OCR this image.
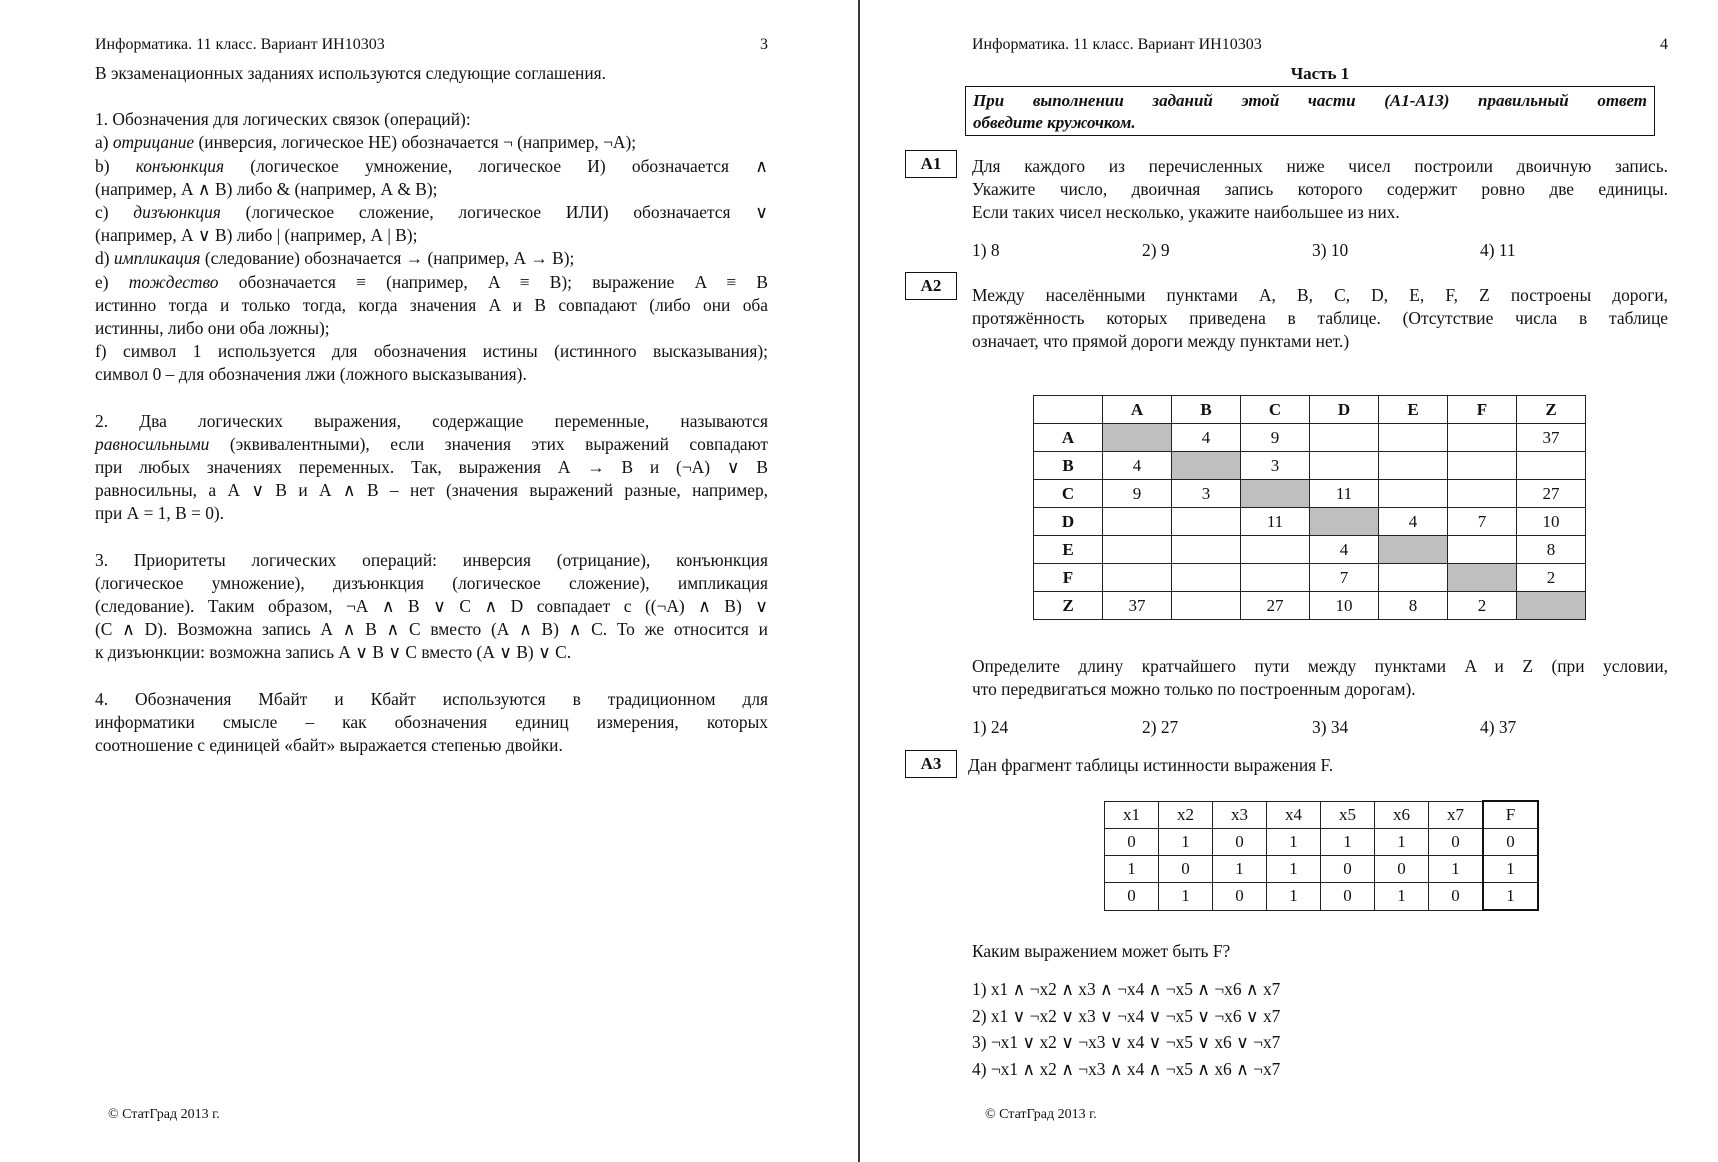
Информатика. 11 класс. Вариант ИН10303	3

В экзаменационных заданиях используются следующие соглашения.

1. Обозначения для логических связок (операций):

a) отрицание (инверсия, логическое НЕ) обозначается ¬ (например, ¬А);

b) конъюнкция (логическое умножение, логическое И) обозначается ∧

(например, А ∧ В) либо & (например, А & В);

c) дизъюнкция (логическое сложение, логическое ИЛИ) обозначается ∨

(например, А ∨ В) либо | (например, А | В);

d) импликация (следование) обозначается → (например, А → В);

e) тождество обозначается ≡ (например, A ≡ B); выражение A ≡ B

истинно тогда и только тогда, когда значения A и B совпадают (либо они оба

истинны, либо они оба ложны);

f) символ 1 используется для обозначения истины (истинного высказывания);

символ 0 – для обозначения лжи (ложного высказывания).

2. Два логических выражения, содержащие переменные, называются

равносильными (эквивалентными), если значения этих выражений совпадают

при любых значениях переменных. Так, выражения А → В и (¬А) ∨ В

равносильны, а А ∨ В и А ∧ В – нет (значения выражений разные, например,

при А = 1, В = 0).

3. Приоритеты логических операций: инверсия (отрицание), конъюнкция

(логическое умножение), дизъюнкция (логическое сложение), импликация

(следование). Таким образом, ¬А ∧ В ∨ С ∧ D совпадает с ((¬А) ∧ В) ∨

(С ∧ D). Возможна запись А ∧ В ∧ С вместо (А ∧ В) ∧ С. То же относится и

к дизъюнкции: возможна запись А ∨ В ∨ С вместо (А ∨ В) ∨ С.

4. Обозначения Мбайт и Кбайт используются в традиционном для

информатики смысле – как обозначения единиц измерения, которых

соотношение с единицей «байт» выражается степенью двойки.

© СтатГрад 2013 г.
Информатика. 11 класс. Вариант ИН10303	4
Часть 1
При выполнении заданий этой части (А1-А13) правильный ответ
обведите кружочком.
А1	Для каждого из перечисленных ниже чисел построили двоичную запись.
Укажите число, двоичная запись которого содержит ровно две единицы.
Если таких чисел несколько, укажите наибольшее из них.
1) 8	2) 9	3) 10	4) 11
А2	Между населёнными пунктами A, B, C, D, E, F, Z построены дороги,
протяжённость которых приведена в таблице. (Отсутствие числа в таблице
означает, что прямой дороги между пунктами нет.)
	A	B	C	D	E	F	Z
A		4	9				37
B	4		3				
C	9	3		11			27
D			11		4	7	10
E				4			8
F				7			2
Z	37		27	10	8	2	
Определите длину кратчайшего пути между пунктами A и Z (при условии,
что передвигаться можно только по построенным дорогам).
1) 24	2) 27	3) 34	4) 37
А3	Дан фрагмент таблицы истинности выражения F.
x1	x2	x3	x4	x5	x6	x7	F
0	1	0	1	1	1	0	0
1	0	1	1	0	0	1	1
0	1	0	1	0	1	0	1
Каким выражением может быть F?
1) x1 ∧ ¬x2 ∧ x3 ∧ ¬x4 ∧ ¬x5 ∧ ¬x6 ∧ x7
2) x1 ∨ ¬x2 ∨ x3 ∨ ¬x4 ∨ ¬x5 ∨ ¬x6 ∨ x7
3) ¬x1 ∨ x2 ∨ ¬x3 ∨ x4 ∨ ¬x5 ∨ x6 ∨ ¬x7
4) ¬x1 ∧ x2 ∧ ¬x3 ∧ x4 ∧ ¬x5 ∧ x6 ∧ ¬x7
© СтатГрад 2013 г.
